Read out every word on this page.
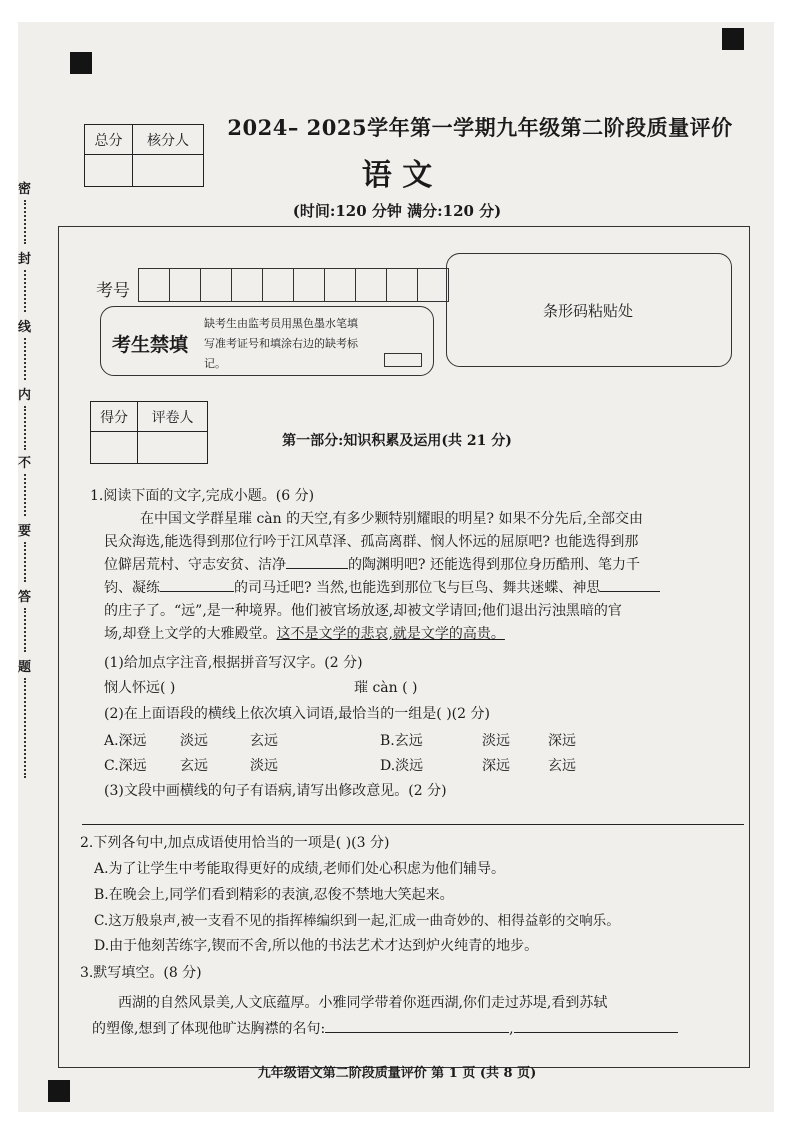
密
封
线
内
不
要
答
题
总分	核分人

2024– 2025学年第一学期九年级第二阶段质量评价
语 文
(时间:120 分钟 满分:120 分)
考号
条形码粘贴处
考生禁填
缺考生由监考员用黑色墨水笔填写准考证号和填涂右边的缺考标记。
得分	评卷人

第一部分:知识积累及运用(共 21 分)
1.阅读下面的文字,完成小题。(6 分)
在中国文学群星璀 càn 的天空,有多少颗特别耀眼的明星? 如果不分先后,全部交由
民众海选,能选得到那位行吟于江风草泽、孤高离群、悯人怀远的屈原吧? 也能选得到那
位僻居荒村、守志安贫、洁净	的陶渊明吧? 还能选得到那位身历酷刑、笔力千
钧、凝练	的司马迁吧? 当然,也能选到那位飞与巨鸟、舞共迷蝶、神思
的庄子了。“远”,是一种境界。他们被官场放逐,却被文学请回;他们退出污浊黑暗的官
场,却登上文学的大雅殿堂。这不是文学的悲哀,就是文学的高贵。
(1)给加点字注音,根据拼音写汉字。(2 分)
悯人怀远( )	璀 càn ( )
(2)在上面语段的横线上依次填入词语,最恰当的一组是( )(2 分)
A.深远 淡远	玄远	B.玄远	淡远	深远
C.深远 玄远	淡远	D.淡远	深远	玄远
(3)文段中画横线的句子有语病,请写出修改意见。(2 分)
2.下列各句中,加点成语使用恰当的一项是( )(3 分)
A.为了让学生中考能取得更好的成绩,老师们处心积虑为他们辅导。
B.在晚会上,同学们看到精彩的表演,忍俊不禁地大笑起来。
C.这万般泉声,被一支看不见的指挥棒编织到一起,汇成一曲奇妙的、相得益彰的交响乐。
D.由于他刻苦练字,锲而不舍,所以他的书法艺术才达到炉火纯青的地步。
3.默写填空。(8 分)
西湖的自然风景美,人文底蕴厚。小雅同学带着你逛西湖,你们走过苏堤,看到苏轼
的塑像,想到了体现他旷达胸襟的名句:	,
九年级语文第二阶段质量评价 第 1 页 (共 8 页)
